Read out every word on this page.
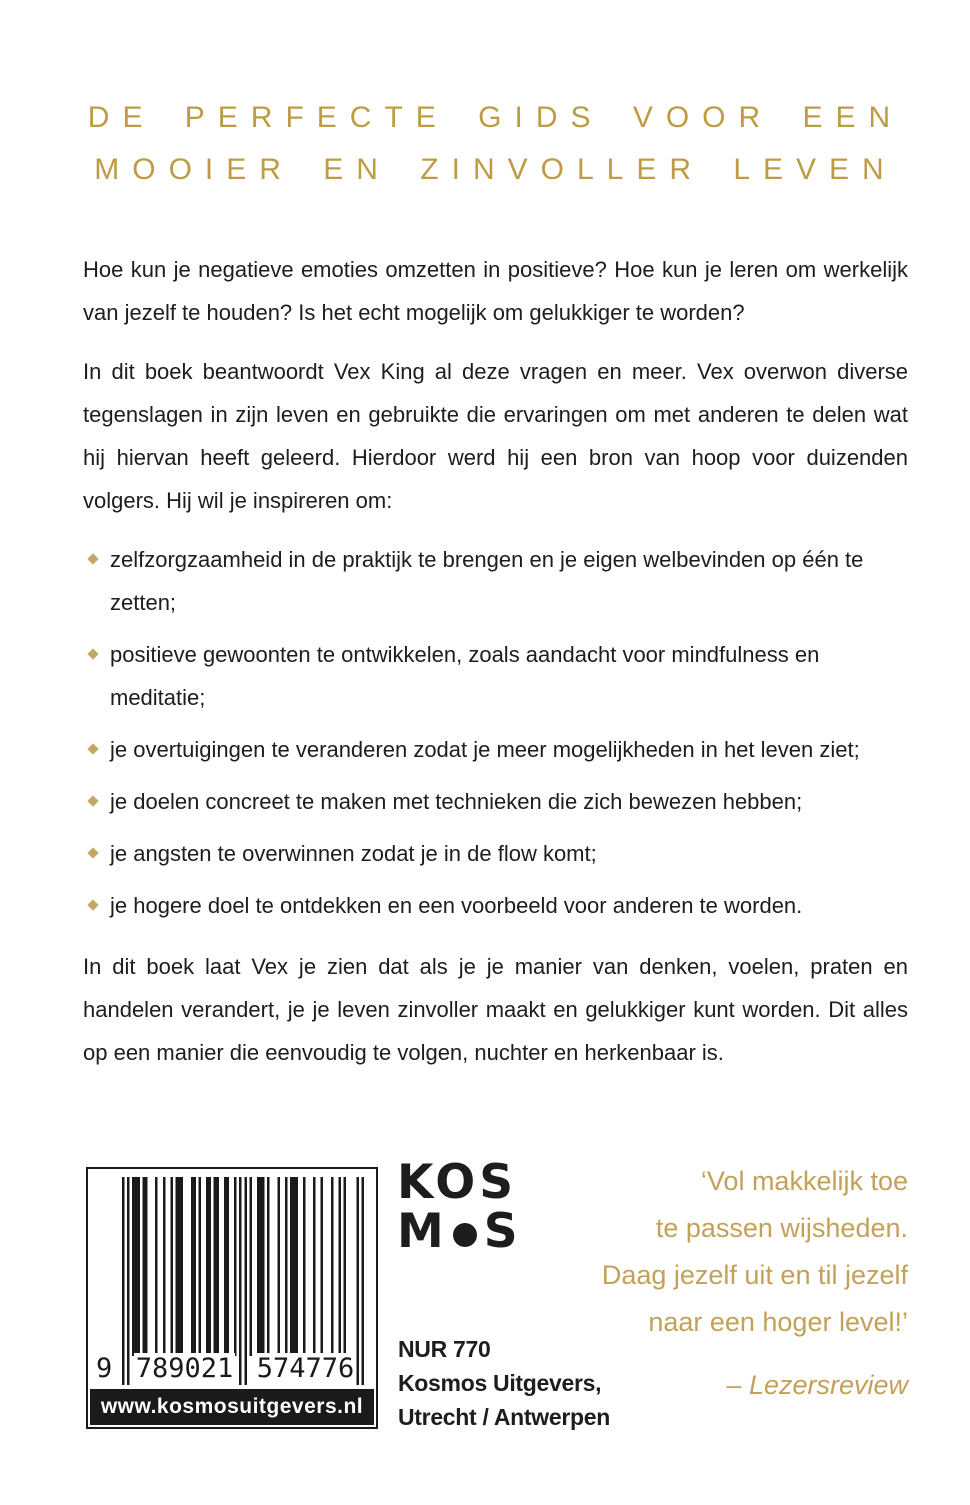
DE PERFECTE GIDS VOOR EEN
MOOIER EN ZINVOLLER LEVEN

Hoe kun je negatieve emoties omzetten in positieve? Hoe kun je leren om werkelijk van jezelf te houden? Is het echt mogelijk om gelukkiger te worden?

In dit boek beantwoordt Vex King al deze vragen en meer. Vex overwon diverse tegenslagen in zijn leven en gebruikte die ervaringen om met anderen te delen wat hij hiervan heeft geleerd. Hierdoor werd hij een bron van hoop voor duizenden volgers. Hij wil je inspireren om:

zelfzorgzaamheid in de praktijk te brengen en je eigen welbevinden op één te zetten;
positieve gewoonten te ontwikkelen, zoals aandacht voor mindfulness en meditatie;
je overtuigingen te veranderen zodat je meer mogelijkheden in het leven ziet;
je doelen concreet te maken met technieken die zich bewezen hebben;
je angsten te overwinnen zodat je in de flow komt;
je hogere doel te ontdekken en een voorbeeld voor anderen te worden.

In dit boek laat Vex je zien dat als je je manier van denken, voelen, praten en handelen verandert, je je leven zinvoller maakt en gelukkiger kunt worden. Dit alles op een manier die eenvoudig te volgen, nuchter en herkenbaar is.

9 789021 574776
www.kosmosuitgevers.nl
KOS
M S
NUR 770
Kosmos Uitgevers,
Utrecht / Antwerpen
‘Vol makkelijk toe
te passen wijsheden.
Daag jezelf uit en til jezelf
naar een hoger level!’
– Lezersreview
